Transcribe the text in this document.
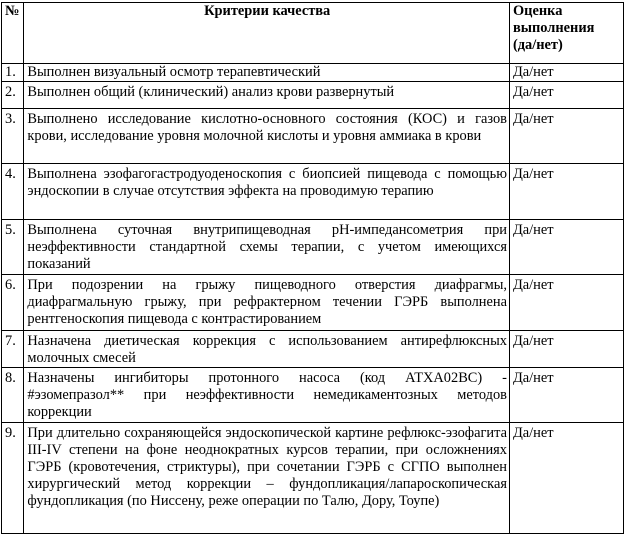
№	Критерии качества	Оценка выполнения (да/нет)
1.	Выполнен визуальный осмотр терапевтический	Да/нет
2.	Выполнен общий (клинический) анализ крови развернутый	Да/нет
3.	Выполнено исследование кислотно-основного состояния (КОС) и газов крови, исследование уровня молочной кислоты и уровня аммиака в крови	Да/нет
4.	Выполнена эзофагогастродуоденоскопия с биопсией пищевода с помощью эндоскопии в случае отсутствия эффекта на проводимую терапию	Да/нет
5.	Выполнена суточная внутрипищеводная рН-импедансометрия при неэффективности стандартной схемы терапии, с учетом имеющихся показаний	Да/нет
6.	При подозрении на грыжу пищеводного отверстия диафрагмы, диафрагмальную грыжу, при рефрактерном течении ГЭРБ выполнена рентгеноскопия пищевода с контрастированием	Да/нет
7.	Назначена диетическая коррекция с использованием антирефлюксных молочных смесей	Да/нет
8.	Назначены ингибиторы протонного насоса (код АТХA02BC) - #эзомепразол** при неэффективности немедикаментозных методов коррекции	Да/нет
9.	При длительно сохраняющейся эндоскопической картине рефлюкс-эзофагита III-IV степени на фоне неоднократных курсов терапии, при осложнениях ГЭРБ (кровотечения, стриктуры), при сочетании ГЭРБ с СГПО выполнен хирургический метод коррекции – фундопликация/лапароскопическая фундопликация (по Ниссену, реже операции по Талю, Дору, Тоупе)	Да/нет
